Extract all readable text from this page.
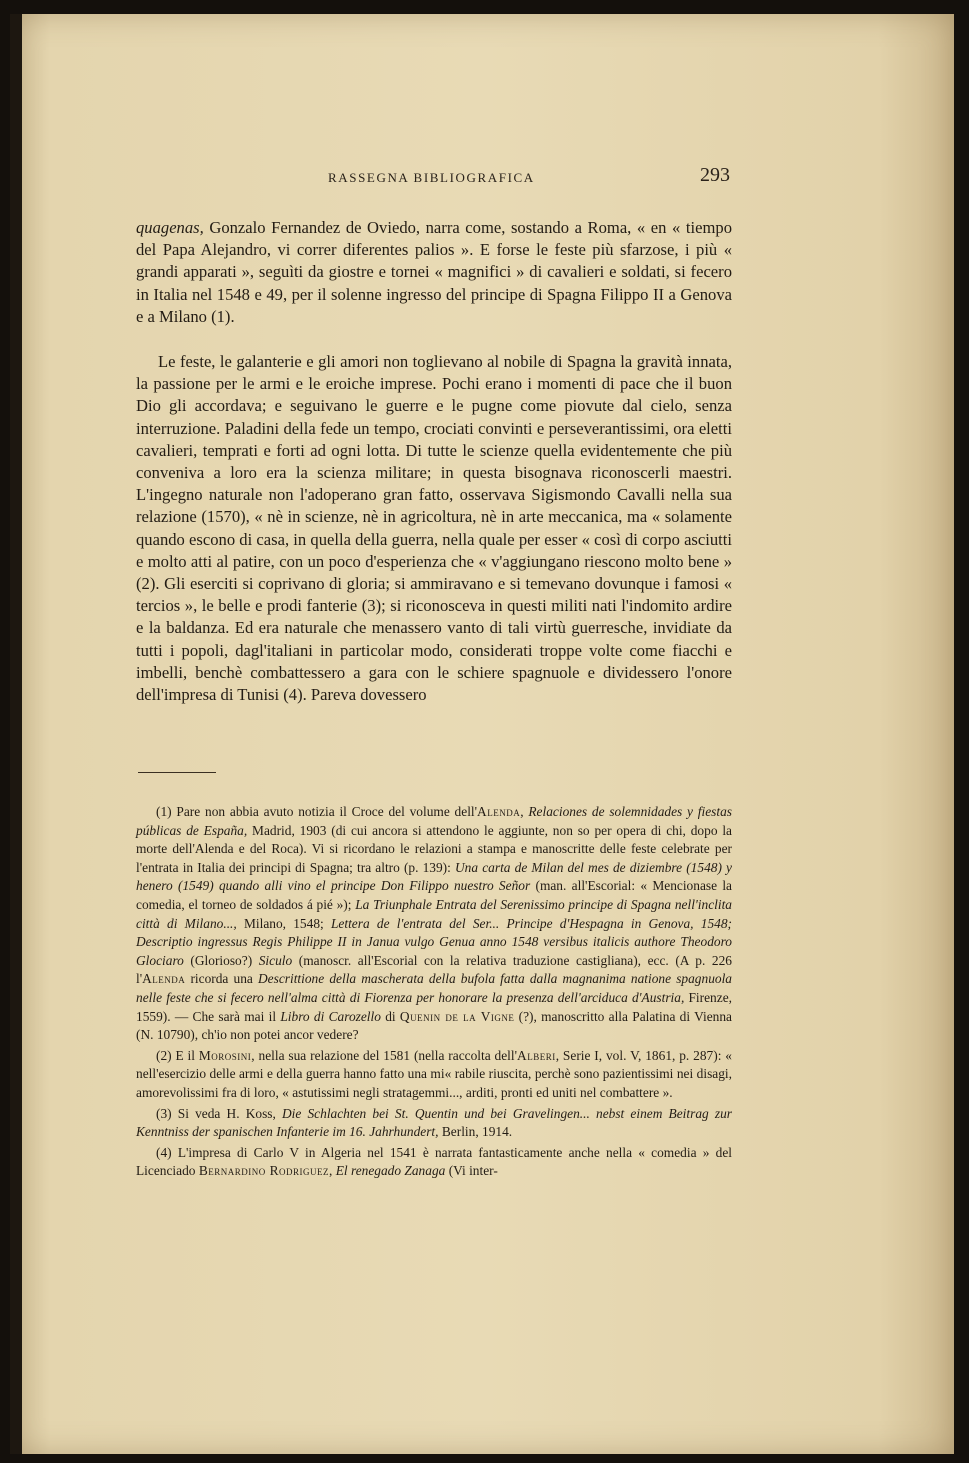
RASSEGNA BIBLIOGRAFICA	293

quagenas, Gonzalo Fernandez de Oviedo, narra come, sostando a Roma, « en « tiempo del Papa Alejandro, vi correr diferentes palios ». E forse le feste più sfarzose, i più « grandi apparati », seguìti da giostre e tornei « magnifici » di cavalieri e soldati, si fecero in Italia nel 1548 e 49, per il solenne ingresso del principe di Spagna Filippo II a Genova e a Milano (1).

Le feste, le galanterie e gli amori non toglievano al nobile di Spagna la gravità innata, la passione per le armi e le eroiche imprese. Pochi erano i momenti di pace che il buon Dio gli accordava; e seguivano le guerre e le pugne come piovute dal cielo, senza interruzione. Paladini della fede un tempo, crociati convinti e perseverantissimi, ora eletti cavalieri, temprati e forti ad ogni lotta. Di tutte le scienze quella evidentemente che più conveniva a loro era la scienza militare; in questa bisognava riconoscerli maestri. L'ingegno naturale non l'adoperano gran fatto, osservava Sigismondo Cavalli nella sua relazione (1570), « nè in scienze, nè in agricoltura, nè in arte meccanica, ma « solamente quando escono di casa, in quella della guerra, nella quale per esser « così di corpo asciutti e molto atti al patire, con un poco d'esperienza che « v'aggiungano riescono molto bene » (2). Gli eserciti si coprivano di gloria; si ammiravano e si temevano dovunque i famosi « tercios », le belle e prodi fanterie (3); si riconosceva in questi militi nati l'indomito ardire e la baldanza. Ed era naturale che menassero vanto di tali virtù guerresche, invidiate da tutti i popoli, dagl'italiani in particolar modo, considerati troppe volte come fiacchi e imbelli, benchè combattessero a gara con le schiere spagnuole e dividessero l'onore dell'impresa di Tunisi (4). Pareva dovessero

(1) Pare non abbia avuto notizia il Croce del volume dell'Alenda, Relaciones de solemnidades y fiestas públicas de España, Madrid, 1903 (di cui ancora si attendono le aggiunte, non so per opera di chi, dopo la morte dell'Alenda e del Roca). Vi si ricordano le relazioni a stampa e manoscritte delle feste celebrate per l'entrata in Italia dei principi di Spagna; tra altro (p. 139): Una carta de Milan del mes de diziembre (1548) y henero (1549) quando alli vino el principe Don Filippo nuestro Señor (man. all'Escorial: « Mencionase la comedia, el torneo de soldados á pié »); La Triunphale Entrata del Serenissimo principe di Spagna nell'inclita città di Milano..., Milano, 1548; Lettera de l'entrata del Ser... Principe d'Hespagna in Genova, 1548; Descriptio ingressus Regis Philippe II in Janua vulgo Genua anno 1548 versibus italicis authore Theodoro Glociaro (Glorioso?) Siculo (manoscr. all'Escorial con la relativa traduzione castigliana), ecc. (A p. 226 l'Alenda ricorda una Descrittione della mascherata della bufola fatta dalla magnanima natione spagnuola nelle feste che si fecero nell'alma città di Fiorenza per honorare la presenza dell'arciduca d'Austria, Firenze, 1559). — Che sarà mai il Libro di Carozello di Quenin de la Vigne (?), manoscritto alla Palatina di Vienna (N. 10790), ch'io non potei ancor vedere?

(2) E il Morosini, nella sua relazione del 1581 (nella raccolta dell'Alberi, Serie I, vol. V, 1861, p. 287): « nell'esercizio delle armi e della guerra hanno fatto una mi« rabile riuscita, perchè sono pazientissimi nei disagi, amorevolissimi fra di loro, « astutissimi negli stratagemmi..., arditi, pronti ed uniti nel combattere ».

(3) Si veda H. Koss, Die Schlachten bei St. Quentin und bei Gravelingen... nebst einem Beitrag zur Kenntniss der spanischen Infanterie im 16. Jahrhundert, Berlin, 1914.

(4) L'impresa di Carlo V in Algeria nel 1541 è narrata fantasticamente anche nella « comedia » del Licenciado Bernardino Rodriguez, El renegado Zanaga (Vi inter-
